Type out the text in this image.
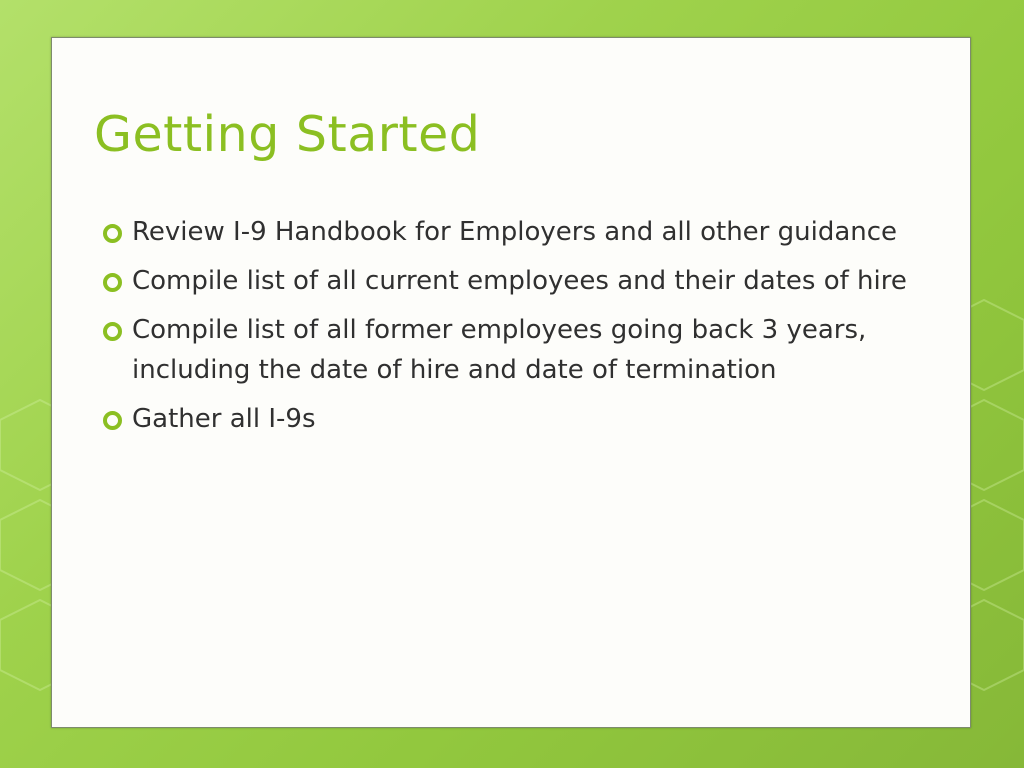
Getting Started
Review I-9 Handbook for Employers and all other guidance
Compile list of all current employees and their dates of hire
Compile list of all former employees going back 3 years, including the date of hire and date of termination
Gather all I-9s
